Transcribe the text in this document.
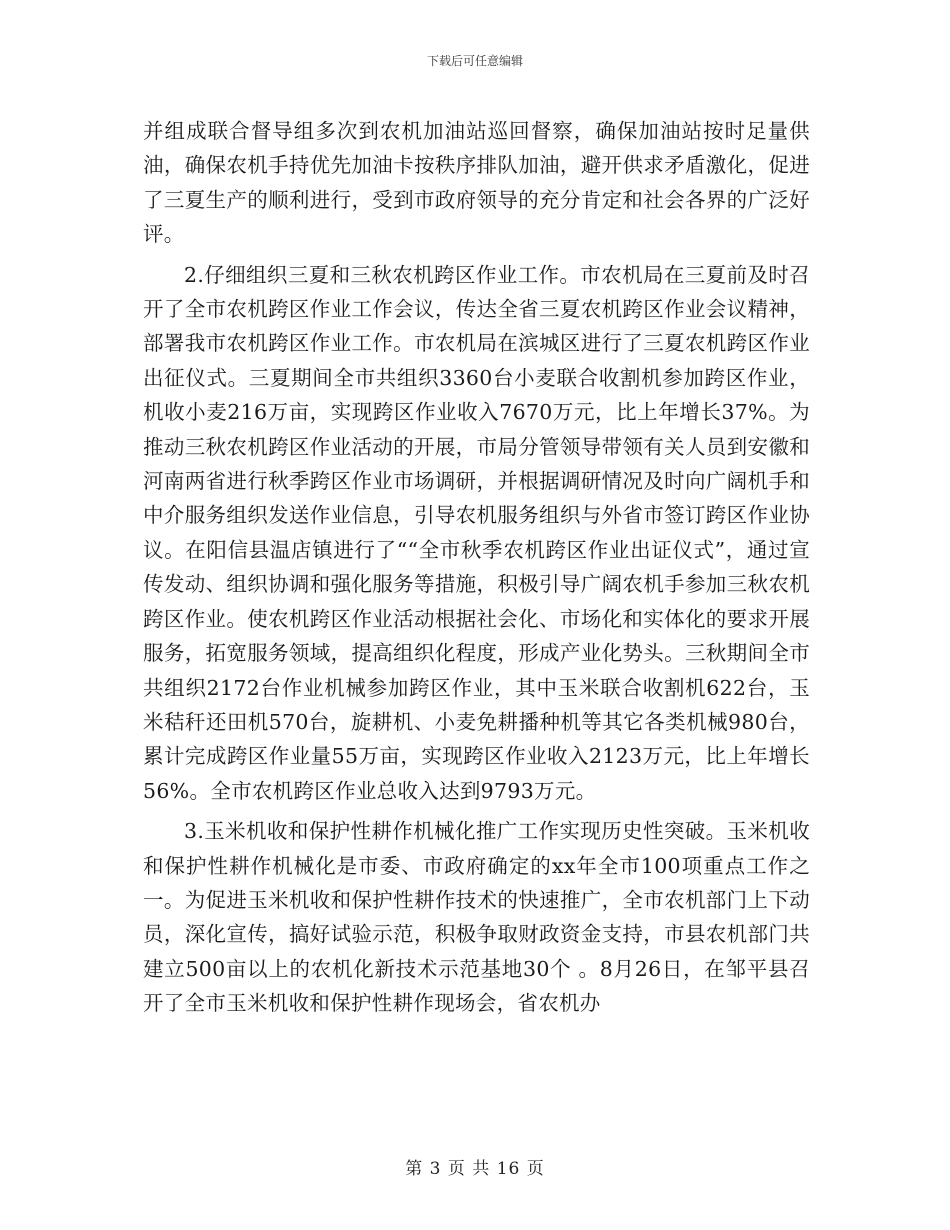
下载后可任意编辑

并组成联合督导组多次到农机加油站巡回督察，确保加油站按时足量供油，确保农机手持优先加油卡按秩序排队加油，避开供求矛盾激化，促进了三夏生产的顺利进行，受到市政府领导的充分肯定和社会各界的广泛好评。

2.仔细组织三夏和三秋农机跨区作业工作。市农机局在三夏前及时召开了全市农机跨区作业工作会议，传达全省三夏农机跨区作业会议精神，部署我市农机跨区作业工作。市农机局在滨城区进行了三夏农机跨区作业出征仪式。三夏期间全市共组织3360台小麦联合收割机参加跨区作业，机收小麦216万亩，实现跨区作业收入7670万元，比上年增长37%。为推动三秋农机跨区作业活动的开展，市局分管领导带领有关人员到安徽和河南两省进行秋季跨区作业市场调研，并根据调研情况及时向广阔机手和中介服务组织发送作业信息，引导农机服务组织与外省市签订跨区作业协议。在阳信县温店镇进行了““全市秋季农机跨区作业出证仪式”，通过宣传发动、组织协调和强化服务等措施，积极引导广阔农机手参加三秋农机跨区作业。使农机跨区作业活动根据社会化、市场化和实体化的要求开展服务，拓宽服务领域，提高组织化程度，形成产业化势头。三秋期间全市共组织2172台作业机械参加跨区作业，其中玉米联合收割机622台，玉米秸秆还田机570台，旋耕机、小麦免耕播种机等其它各类机械980台，累计完成跨区作业量55万亩，实现跨区作业收入2123万元，比上年增长56%。全市农机跨区作业总收入达到9793万元。

3.玉米机收和保护性耕作机械化推广工作实现历史性突破。玉米机收和保护性耕作机械化是市委、市政府确定的xx年全市100项重点工作之一。为促进玉米机收和保护性耕作技术的快速推广，全市农机部门上下动员，深化宣传，搞好试验示范，积极争取财政资金支持，市县农机部门共建立500亩以上的农机化新技术示范基地30个 。8月26日，在邹平县召开了全市玉米机收和保护性耕作现场会，省农机办

第 3 页 共 16 页
